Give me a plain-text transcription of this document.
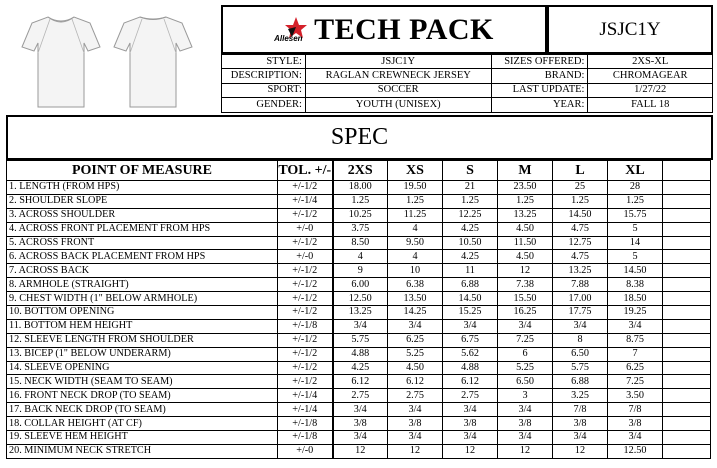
Allesen TECH PACK	JSJC1Y
STYLE:	JSJC1Y	SIZES OFFERED:	2XS-XL
DESCRIPTION:	RAGLAN CREWNECK JERSEY	BRAND:	CHROMAGEAR
SPORT:	SOCCER	LAST UPDATE:	1/27/22
GENDER:	YOUTH (UNISEX)	YEAR:	FALL 18
SPEC
POINT OF MEASURE	TOL. +/-	2XS	XS	S	M	L	XL	
1. LENGTH (FROM HPS)	+/-1/2	18.00	19.50	21	23.50	25	28	
2. SHOULDER SLOPE	+/-1/4	1.25	1.25	1.25	1.25	1.25	1.25	
3. ACROSS SHOULDER	+/-1/2	10.25	11.25	12.25	13.25	14.50	15.75	
4. ACROSS FRONT PLACEMENT FROM HPS	+/-0	3.75	4	4.25	4.50	4.75	5	
5. ACROSS FRONT	+/-1/2	8.50	9.50	10.50	11.50	12.75	14	
6. ACROSS BACK PLACEMENT FROM HPS	+/-0	4	4	4.25	4.50	4.75	5	
7. ACROSS BACK	+/-1/2	9	10	11	12	13.25	14.50	
8. ARMHOLE (STRAIGHT)	+/-1/2	6.00	6.38	6.88	7.38	7.88	8.38	
9. CHEST WIDTH (1" BELOW ARMHOLE)	+/-1/2	12.50	13.50	14.50	15.50	17.00	18.50	
10. BOTTOM OPENING	+/-1/2	13.25	14.25	15.25	16.25	17.75	19.25	
11. BOTTOM HEM HEIGHT	+/-1/8	3/4	3/4	3/4	3/4	3/4	3/4	
12. SLEEVE LENGTH FROM SHOULDER	+/-1/2	5.75	6.25	6.75	7.25	8	8.75	
13. BICEP (1" BELOW UNDERARM)	+/-1/2	4.88	5.25	5.62	6	6.50	7	
14. SLEEVE OPENING	+/-1/2	4.25	4.50	4.88	5.25	5.75	6.25	
15. NECK WIDTH (SEAM TO SEAM)	+/-1/2	6.12	6.12	6.12	6.50	6.88	7.25	
16. FRONT NECK DROP (TO SEAM)	+/-1/4	2.75	2.75	2.75	3	3.25	3.50	
17. BACK NECK DROP (TO SEAM)	+/-1/4	3/4	3/4	3/4	3/4	7/8	7/8	
18. COLLAR HEIGHT (AT CF)	+/-1/8	3/8	3/8	3/8	3/8	3/8	3/8	
19. SLEEVE HEM HEIGHT	+/-1/8	3/4	3/4	3/4	3/4	3/4	3/4	
20. MINIMUM NECK STRETCH	+/-0	12	12	12	12	12	12.50	
